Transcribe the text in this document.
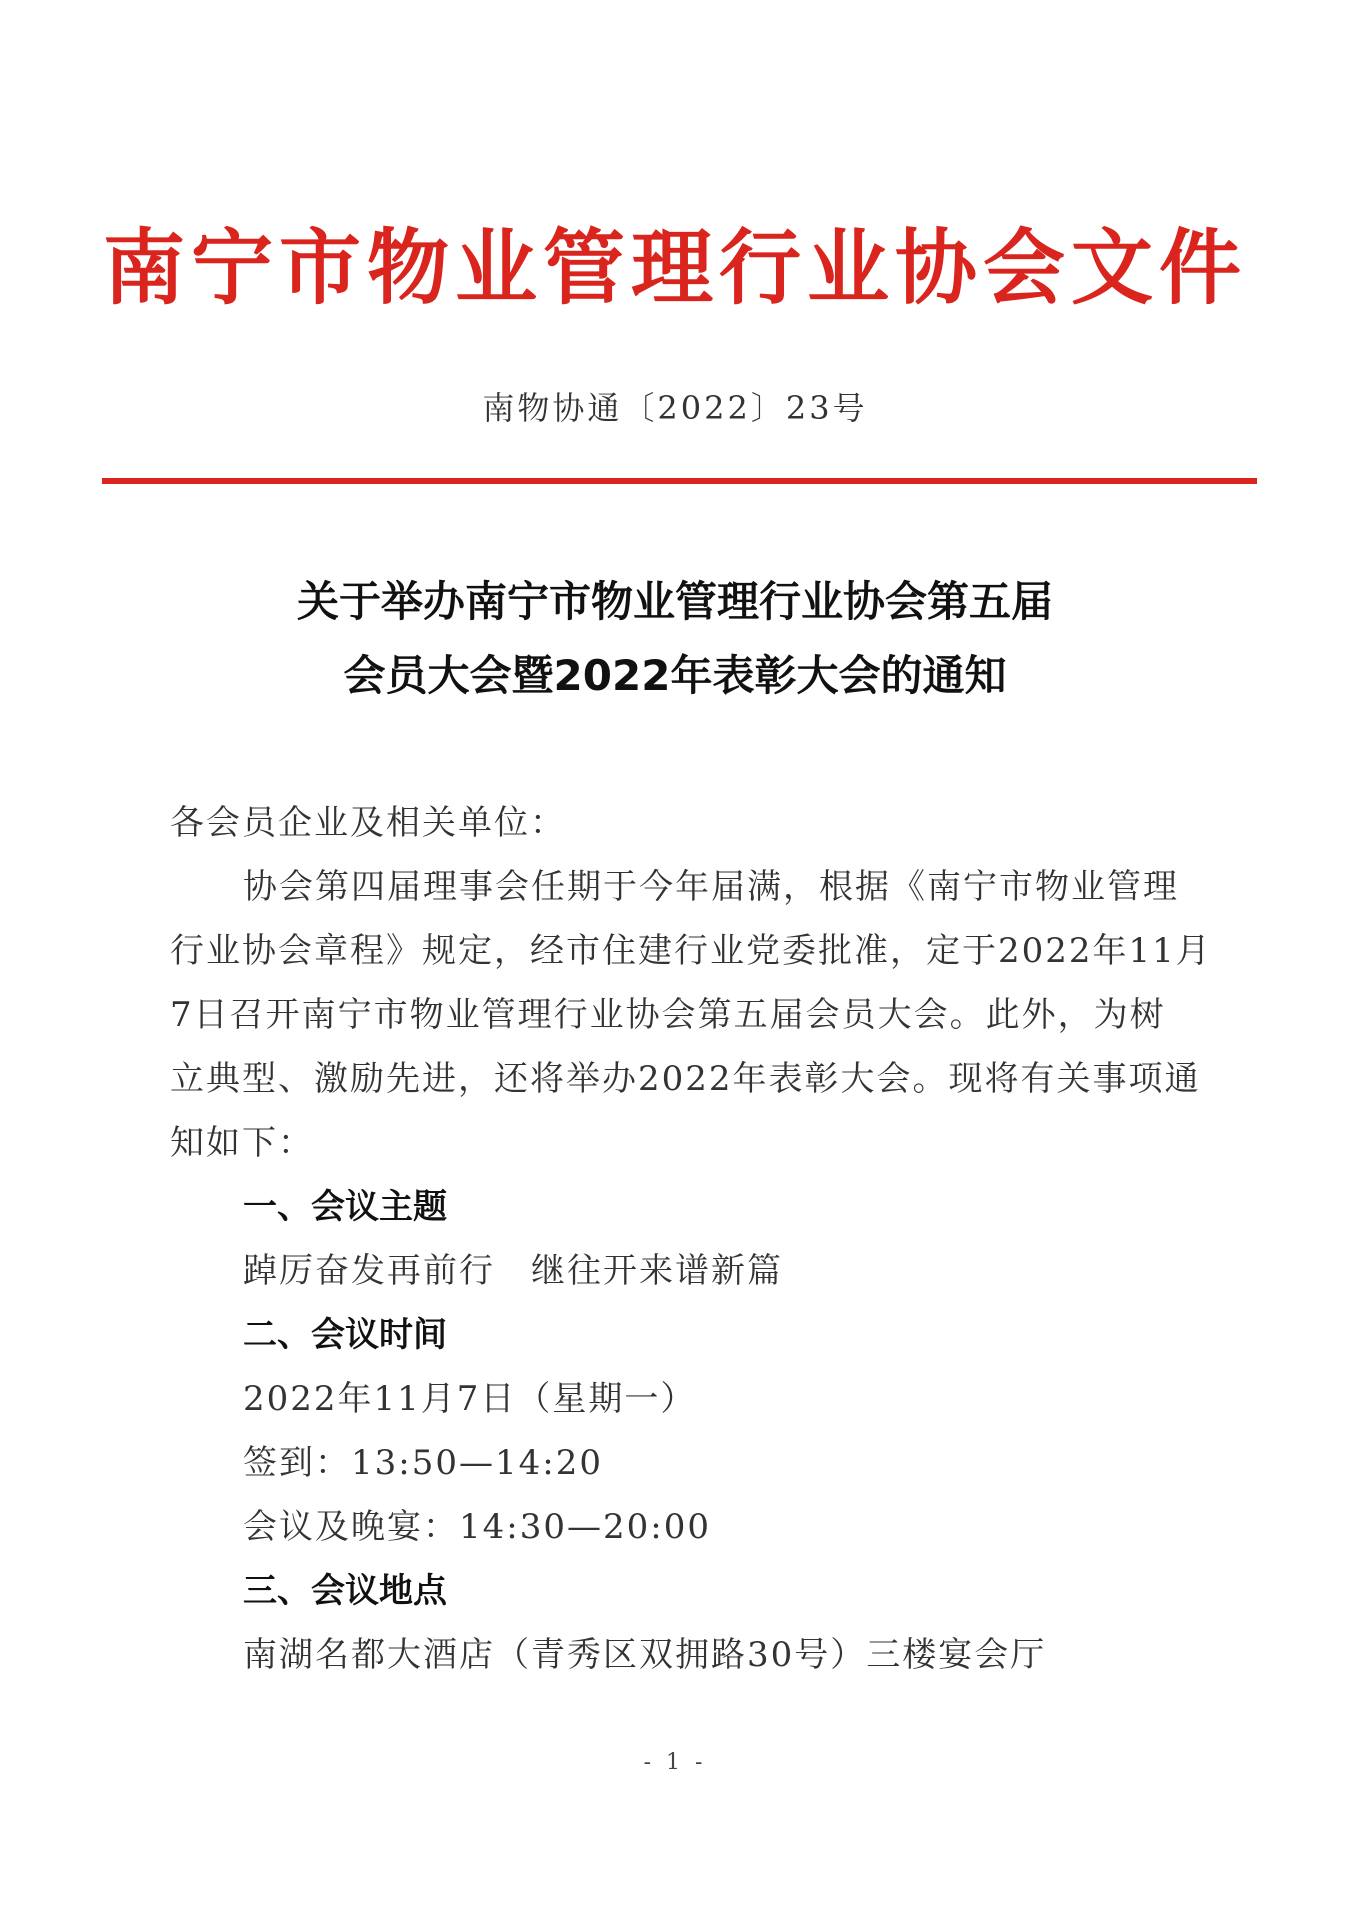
南宁市物业管理行业协会文件
南物协通〔2022〕23号
关于举办南宁市物业管理行业协会第五届
会员大会暨2022年表彰大会的通知
各会员企业及相关单位：
协会第四届理事会任期于今年届满，根据《南宁市物业管理
行业协会章程》规定，经市住建行业党委批准，定于2022年11月
7日召开南宁市物业管理行业协会第五届会员大会。此外，为树
立典型、激励先进，还将举办2022年表彰大会。现将有关事项通
知如下：
一、会议主题
踔厉奋发再前行　继往开来谱新篇
二、会议时间
2022年11月7日（星期一）
签到：13:50—14:20
会议及晚宴：14:30—20:00
三、会议地点
南湖名都大酒店（青秀区双拥路30号）三楼宴会厅
- 1 -
